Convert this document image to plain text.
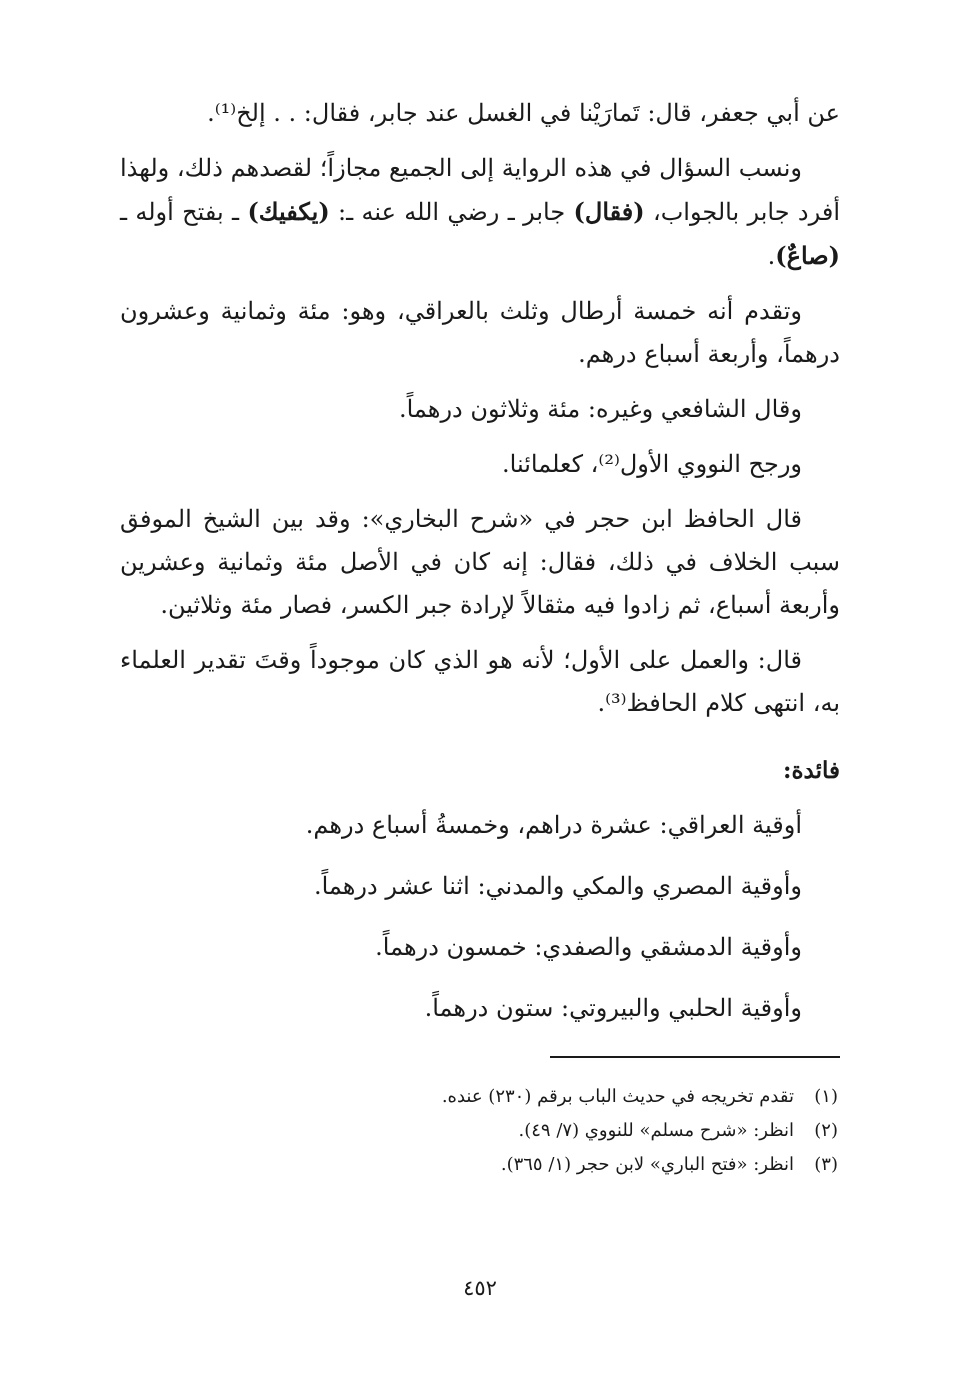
عن أبي جعفر، قال: تَمارَيْنا في الغسل عند جابر، فقال: . . إلخ⁽¹⁾.

ونسب السؤال في هذه الرواية إلى الجميع مجازاً؛ لقصدهم ذلك، ولهذا أفرد جابر بالجواب، (فقال) جابر ـ رضي الله عنه ـ: (يكفيك) ـ بفتح أوله ـ (صاعٌ).

وتقدم أنه خمسة أرطال وثلث بالعراقي، وهو: مئة وثمانية وعشرون درهماً، وأربعة أسباع درهم.

وقال الشافعي وغيره: مئة وثلاثون درهماً.

ورجح النووي الأول⁽²⁾، كعلمائنا.

قال الحافظ ابن حجر في «شرح البخاري»: وقد بين الشيخ الموفق سبب الخلاف في ذلك، فقال: إنه كان في الأصل مئة وثمانية وعشرين وأربعة أسباع، ثم زادوا فيه مثقالاً لإرادة جبر الكسر، فصار مئة وثلاثين.

قال: والعمل على الأول؛ لأنه هو الذي كان موجوداً وقتَ تقدير العلماء به، انتهى كلام الحافظ⁽³⁾.

فائدة:

أوقية العراقي: عشرة دراهم، وخمسةُ أسباع درهم.

وأوقية المصري والمكي والمدني: اثنا عشر درهماً.

وأوقية الدمشقي والصفدي: خمسون درهماً.

وأوقية الحلبي والبيروتي: ستون درهماً.

(١)تقدم تخريجه في حديث الباب برقم (٢٣٠) عنده.

(٢)انظر: «شرح مسلم» للنووي (٧/ ٤٩).

(٣)انظر: «فتح الباري» لابن حجر (١/ ٣٦٥).

٤٥٢
